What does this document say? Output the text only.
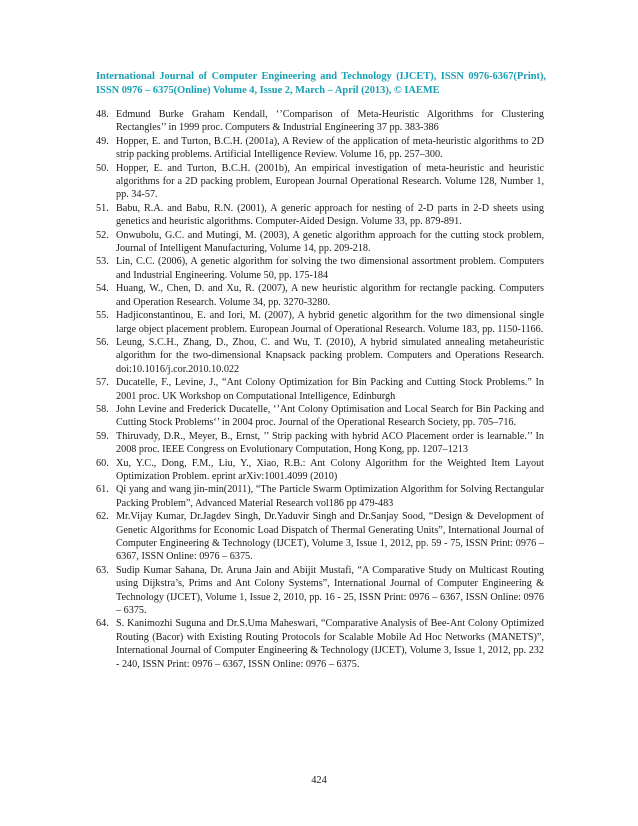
International Journal of Computer Engineering and Technology (IJCET), ISSN 0976-6367(Print), ISSN 0976 – 6375(Online) Volume 4, Issue 2, March – April (2013), © IAEME
48. Edmund Burke Graham Kendall, ‘’Comparison of Meta-Heuristic Algorithms for Clustering Rectangles’’ in 1999 proc. Computers & Industrial Engineering 37 pp. 383-386
49. Hopper, E. and Turton, B.C.H. (2001a), A Review of the application of meta-heuristic algorithms to 2D strip packing problems. Artificial Intelligence Review. Volume 16, pp. 257–300.
50. Hopper, E. and Turton, B.C.H. (2001b), An empirical investigation of meta-heuristic and heuristic algorithms for a 2D packing problem, European Journal Operational Research. Volume 128, Number 1, pp. 34-57.
51. Babu, R.A. and Babu, R.N. (2001), A generic approach for nesting of 2-D parts in 2-D sheets using genetics and heuristic algorithms. Computer-Aided Design. Volume 33, pp. 879-891.
52. Onwubolu, G.C. and Mutingi, M. (2003), A genetic algorithm approach for the cutting stock problem, Journal of Intelligent Manufacturing, Volume 14, pp. 209-218.
53. Lin, C.C. (2006), A genetic algorithm for solving the two dimensional assortment problem. Computers and Industrial Engineering. Volume 50, pp. 175-184
54. Huang, W., Chen, D. and Xu, R. (2007), A new heuristic algorithm for rectangle packing. Computers and Operation Research. Volume 34, pp. 3270-3280.
55. Hadjiconstantinou, E. and Iori, M. (2007), A hybrid genetic algorithm for the two dimensional single large object placement problem. European Journal of Operational Research. Volume 183, pp. 1150-1166.
56. Leung, S.C.H., Zhang, D., Zhou, C. and Wu, T. (2010), A hybrid simulated annealing metaheuristic algorithm for the two-dimensional Knapsack packing problem. Computers and Operations Research. doi:10.1016/j.cor.2010.10.022
57. Ducatelle, F., Levine, J., “Ant Colony Optimization for Bin Packing and Cutting Stock Problems.” In 2001 proc. UK Workshop on Computational Intelligence, Edinburgh
58. John Levine and Frederick Ducatelle, ‘’Ant Colony Optimisation and Local Search for Bin Packing and Cutting Stock Problems‘’ in 2004 proc. Journal of the Operational Research Society, pp. 705–716.
59. Thiruvady, D.R., Meyer, B., Ernst, ’’ Strip packing with hybrid ACO Placement order is learnable.’’ In 2008 proc. IEEE Congress on Evolutionary Computation, Hong Kong, pp. 1207–1213
60. Xu, Y.C., Dong, F.M., Liu, Y., Xiao, R.B.: Ant Colony Algorithm for the Weighted Item Layout Optimization Problem. eprint arXiv:1001.4099 (2010)
61. Qi yang and wang jin-min(2011), “The Particle Swarm Optimization Algorithm for Solving Rectangular Packing Problem”, Advanced Material Research vol186 pp 479-483
62. Mr.Vijay Kumar, Dr.Jagdev Singh, Dr.Yaduvir Singh and Dr.Sanjay Sood, “Design & Development of Genetic Algorithms for Economic Load Dispatch of Thermal Generating Units”, International Journal of Computer Engineering & Technology (IJCET), Volume 3, Issue 1, 2012, pp. 59 - 75, ISSN Print: 0976 – 6367, ISSN Online: 0976 – 6375.
63. Sudip Kumar Sahana, Dr. Aruna Jain and Abijit Mustafi, “A Comparative Study on Multicast Routing using Dijkstra’s, Prims and Ant Colony Systems”, International Journal of Computer Engineering & Technology (IJCET), Volume 1, Issue 2, 2010, pp. 16 - 25, ISSN Print: 0976 – 6367, ISSN Online: 0976 – 6375.
64. S. Kanimozhi Suguna and Dr.S.Uma Maheswari, “Comparative Analysis of Bee-Ant Colony Optimized Routing (Bacor) with Existing Routing Protocols for Scalable Mobile Ad Hoc Networks (MANETS)”, International Journal of Computer Engineering & Technology (IJCET), Volume 3, Issue 1, 2012, pp. 232 - 240, ISSN Print: 0976 – 6367, ISSN Online: 0976 – 6375.
424
